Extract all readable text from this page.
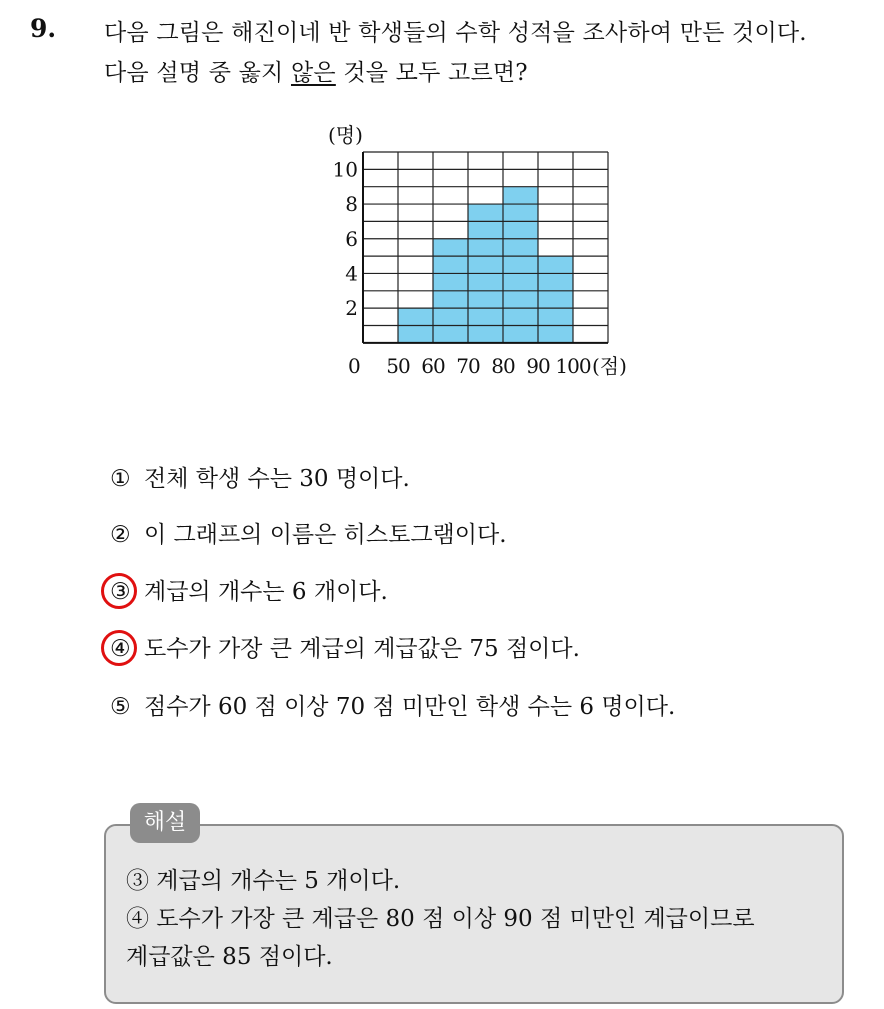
9. 다음 그림은 해진이네 반 학생들의 수학 성적을 조사하여 만든 것이다.
다음 설명 중 옳지 않은 것을 모두 고르면?
(명)
2
4
6
8
10
0 50 60 70 80 90 100 (점)
① 전체 학생 수는 30 명이다.
② 이 그래프의 이름은 히스토그램이다.
③ 계급의 개수는 6 개이다.
④ 도수가 가장 큰 계급의 계급값은 75 점이다.
⑤ 점수가 60 점 이상 70 점 미만인 학생 수는 6 명이다.
해설
③ 계급의 개수는 5 개이다.
④ 도수가 가장 큰 계급은 80 점 이상 90 점 미만인 계급이므로
계급값은 85 점이다.
